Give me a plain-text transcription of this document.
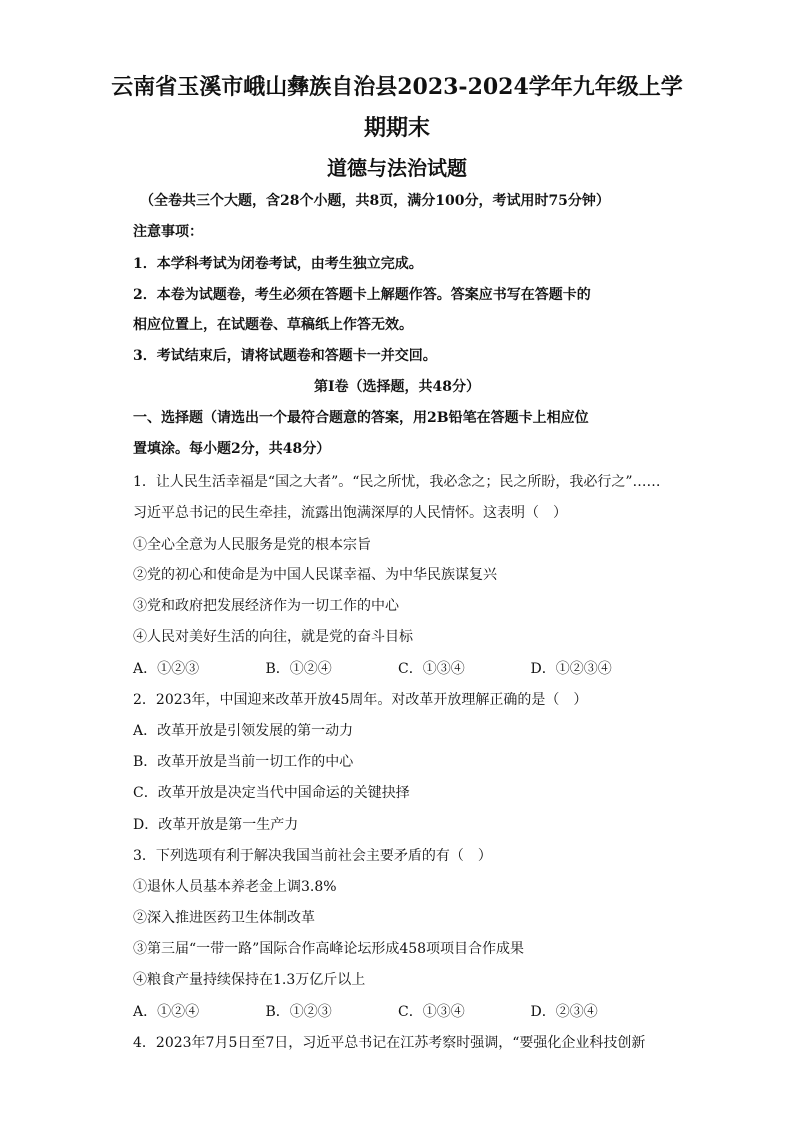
云南省玉溪市峨山彝族自治县2023-2024学年九年级上学
期期末
道德与法治试题
（全卷共三个大题，含28个小题，共8页，满分100分，考试用时75分钟）
注意事项：
1．本学科考试为闭卷考试，由考生独立完成。
2．本卷为试题卷，考生必须在答题卡上解题作答。答案应书写在答题卡的
相应位置上，在试题卷、草稿纸上作答无效。
3．考试结束后，请将试题卷和答题卡一并交回。
第Ⅰ卷（选择题，共48分）
一、选择题（请选出一个最符合题意的答案，用2B铅笔在答题卡上相应位
置填涂。每小题2分，共48分）
1．让人民生活幸福是“国之大者”。“民之所忧，我必念之；民之所盼，我必行之”……
习近平总书记的民生牵挂，流露出饱满深厚的人民情怀。这表明（　）
①全心全意为人民服务是党的根本宗旨
②党的初心和使命是为中国人民谋幸福、为中华民族谋复兴
③党和政府把发展经济作为一切工作的中心
④人民对美好生活的向往，就是党的奋斗目标
A．①②③	B．①②④	C．①③④	D．①②③④
2．2023年，中国迎来改革开放45周年。对改革开放理解正确的是（　）
A．改革开放是引领发展的第一动力
B．改革开放是当前一切工作的中心
C．改革开放是决定当代中国命运的关键抉择
D．改革开放是第一生产力
3．下列选项有利于解决我国当前社会主要矛盾的有（　）
①退休人员基本养老金上调3.8%
②深入推进医药卫生体制改革
③第三届“一带一路”国际合作高峰论坛形成458项项目合作成果
④粮食产量持续保持在1.3万亿斤以上
A．①②④	B．①②③	C．①③④	D．②③④
4．2023年7月5日至7日，习近平总书记在江苏考察时强调，“要强化企业科技创新
